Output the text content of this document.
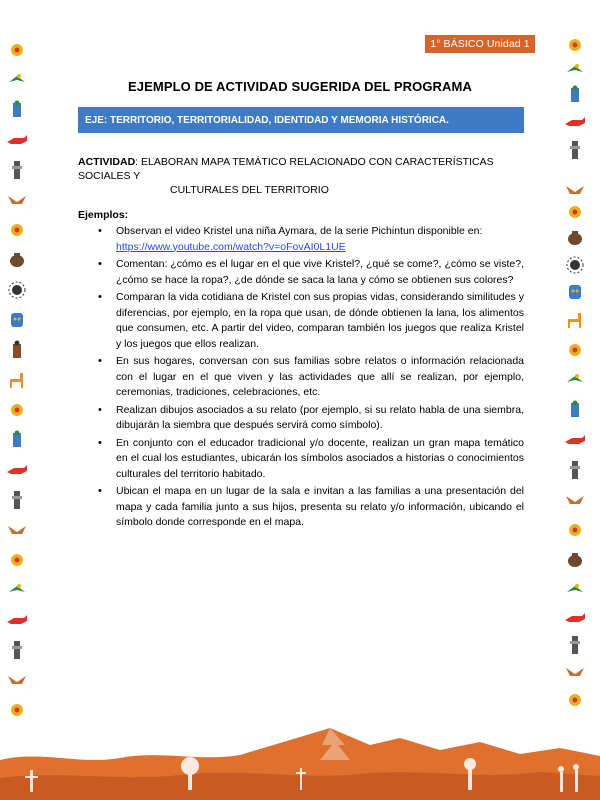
1° BÁSICO Unidad 1
EJEMPLO DE ACTIVIDAD SUGERIDA DEL PROGRAMA
EJE: TERRITORIO, TERRITORIALIDAD, IDENTIDAD Y MEMORIA HISTÓRICA.
ACTIVIDAD: ELABORAN MAPA TEMÁTICO RELACIONADO CON CARACTERÍSTICAS SOCIALES Y
CULTURALES DEL TERRITORIO
Ejemplos:
• Observan el video Kristel una niña Aymara, de la serie Pichintun disponible en:
https://www.youtube.com/watch?v=oFovAI0L1UE
• Comentan: ¿cómo es el lugar en el que vive Kristel?, ¿qué se come?, ¿cómo se viste?, ¿cómo se hace la ropa?, ¿de dónde se saca la lana y cómo se obtienen sus colores?
• Comparan la vida cotidiana de Kristel con sus propias vidas, considerando similitudes y diferencias, por ejemplo, en la ropa que usan, de dónde obtienen la lana, los alimentos que consumen, etc. A partir del video, comparan también los juegos que realiza Kristel y los juegos que ellos realizan.
• En sus hogares, conversan con sus familias sobre relatos o información relacionada con el lugar en el que viven y las actividades que allí se realizan, por ejemplo, ceremonias, tradiciones, celebraciones, etc.
• Realizan dibujos asociados a su relato (por ejemplo, si su relato habla de una siembra, dibujarán la siembra que después servirá como símbolo).
• En conjunto con el educador tradicional y/o docente, realizan un gran mapa temático en el cual los estudiantes, ubicarán los símbolos asociados a historias o conocimientos culturales del territorio habitado.
• Ubican el mapa en un lugar de la sala e invitan a las familias a una presentación del mapa y cada familia junto a sus hijos, presenta su relato y/o información, ubicando el símbolo donde corresponde en el mapa.
